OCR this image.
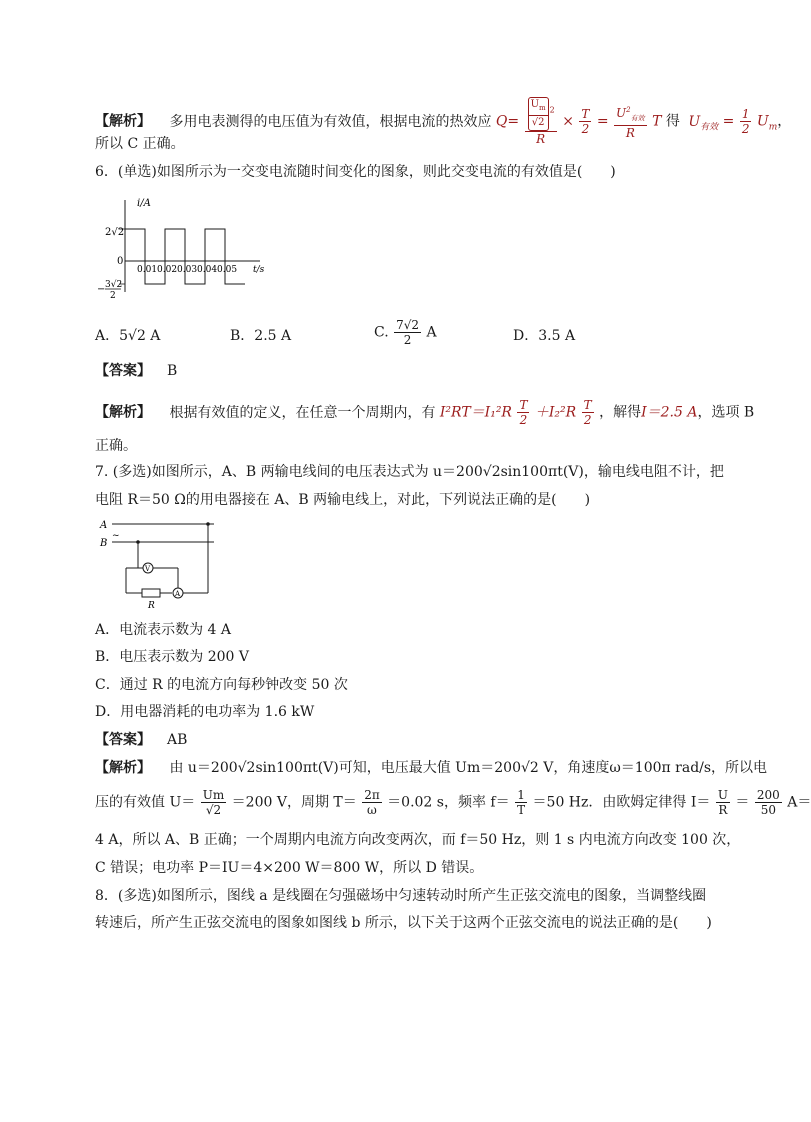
【解析】 多用电表测得的电压值为有效值，根据电流的热效应 $Q= \frac{\frac{U_m}{√2} ^2}{R} \times \frac{T}{2} = \frac{U^2_{有效}}{R}$ T 得 $U_{有效} = \frac{1}{2} U_m$，
所以 C 正确。
6．(单选)如图所示为一交变电流随时间变化的图象，则此交变电流的有效值是(　　)
0.01 0.02 0.03 0.04 0.05
i/A
t/s
2√2
0
3√2
2
−
A．5√2 A	B．2.5 A	C. $\frac{7√2}{2}$ A	D．3.5 A
【答案】 B
【解析】 根据有效值的定义，在任意一个周期内，有 $I^2RT=I_1^2R \frac{T}{2} +I_2^2R \frac{T}{2}$ ，解得I＝2.5 A，选项 B
正确。
7. (多选)如图所示，A、B 两输电线间的电压表达式为 u＝200√2sin100πt(V)，输电线电阻不计，把
电阻 R＝50 Ω的用电器接在 A、B 两输电线上，对此，下列说法正确的是(　　)
A
B
~
V
A
R
A．电流表示数为 4 A
B．电压表示数为 200 V
C．通过 R 的电流方向每秒钟改变 50 次
D．用电器消耗的电功率为 1.6 kW
【答案】 AB
【解析】 由 u＝200√2sin100πt(V)可知，电压最大值 Um＝200√2 V，角速度ω＝100π rad/s，所以电
压的有效值 $U= \frac{Um}{√2} =200$ V，周期 $T= \frac{2\pi}{\omega} =0.02$ s，频率 $f= \frac{1}{T} =50$ Hz．由欧姆定律得 $I= \frac{U}{R} = \frac{200}{50} A=$
4 A，所以 A、B 正确；一个周期内电流方向改变两次，而 f＝50 Hz，则 1 s 内电流方向改变 100 次，
C 错误；电功率 P＝IU＝4×200 W＝800 W，所以 D 错误。
8．(多选)如图所示，图线 a 是线圈在匀强磁场中匀速转动时所产生正弦交流电的图象，当调整线圈
转速后，所产生正弦交流电的图象如图线 b 所示，以下关于这两个正弦交流电的说法正确的是(　　)
